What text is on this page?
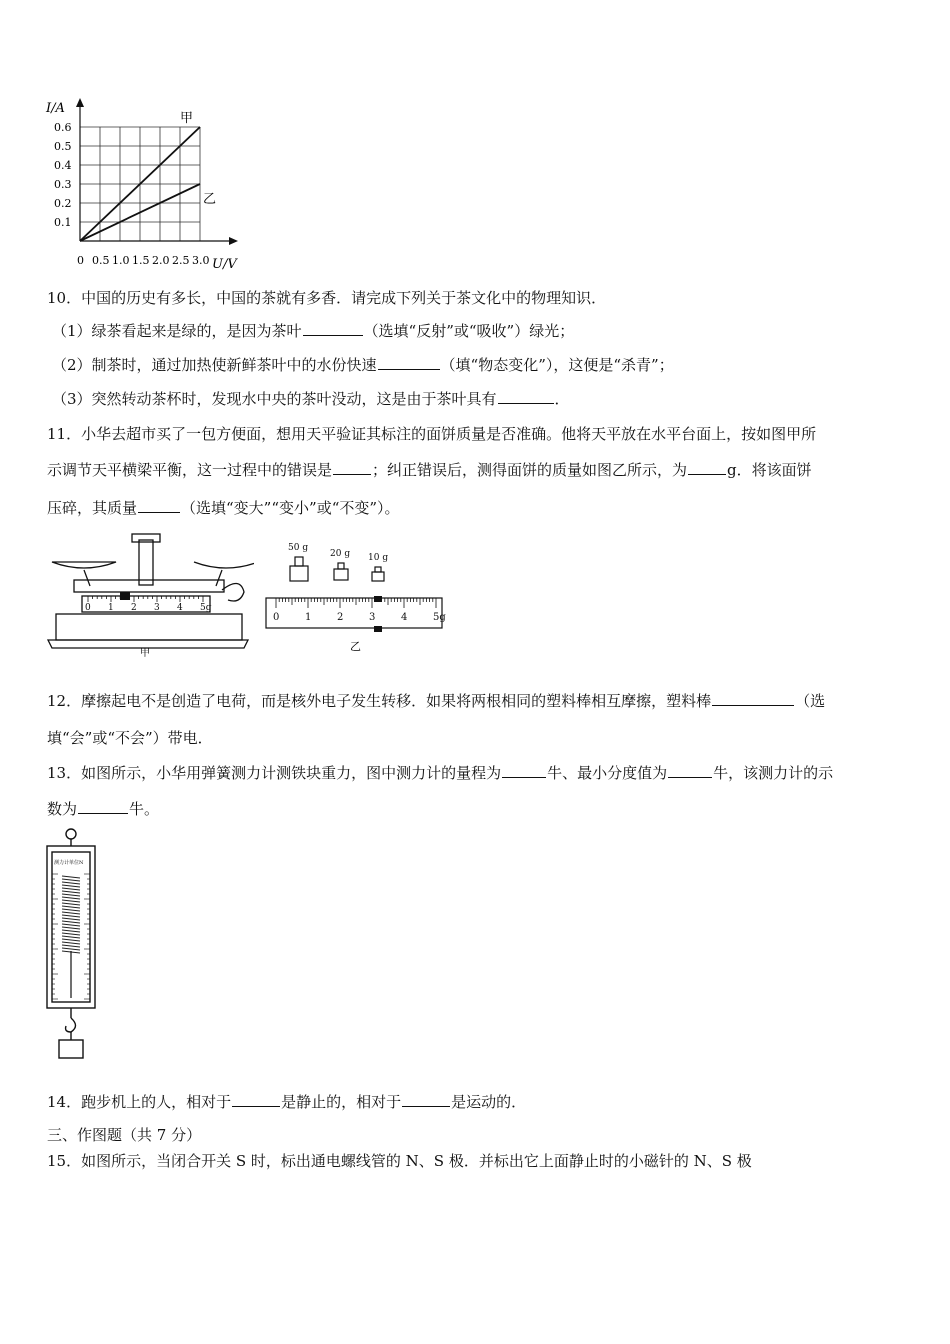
I/A
U/V
0.6
0.5
0.4
0.3
0.2
0.1
0 0.5 1.0 1.5 2.0 2.5 3.0
甲
乙
10．中国的历史有多长，中国的茶就有多香．请完成下列关于茶文化中的物理知识．
（1）绿茶看起来是绿的，是因为茶叶	（选填“反射”或“吸收”）绿光；
（2）制茶时，通过加热使新鲜茶叶中的水份快速	（填“物态变化”），这便是“杀青”；
（3）突然转动茶杯时，发现水中央的茶叶没动，这是由于茶叶具有	．
11．小华去超市买了一包方便面，想用天平验证其标注的面饼质量是否准确。他将天平放在水平台面上，按如图甲所
示调节天平横梁平衡，这一过程中的错误是	；纠正错误后，测得面饼的质量如图乙所示，为	g．将该面饼
压碎，其质量	（选填“变大”“变小”或“不变”）。
0 1 2 3 4 5g
甲
50 g
20 g 10 g
0	1	2	3	4	5g
乙
12．摩擦起电不是创造了电荷，而是核外电子发生转移．如果将两根相同的塑料棒相互摩擦，塑料棒	（选
填“会”或“不会”）带电．
13．如图所示，小华用弹簧测力计测铁块重力，图中测力计的量程为	牛、最小分度值为	牛，该测力计的示
数为	牛。
测力计单位N
14．跑步机上的人，相对于	是静止的，相对于	是运动的．
三、作图题（共 7 分）
15．如图所示，当闭合开关 S 时，标出通电螺线管的 N、S 极．并标出它上面静止时的小磁针的 N、S 极
